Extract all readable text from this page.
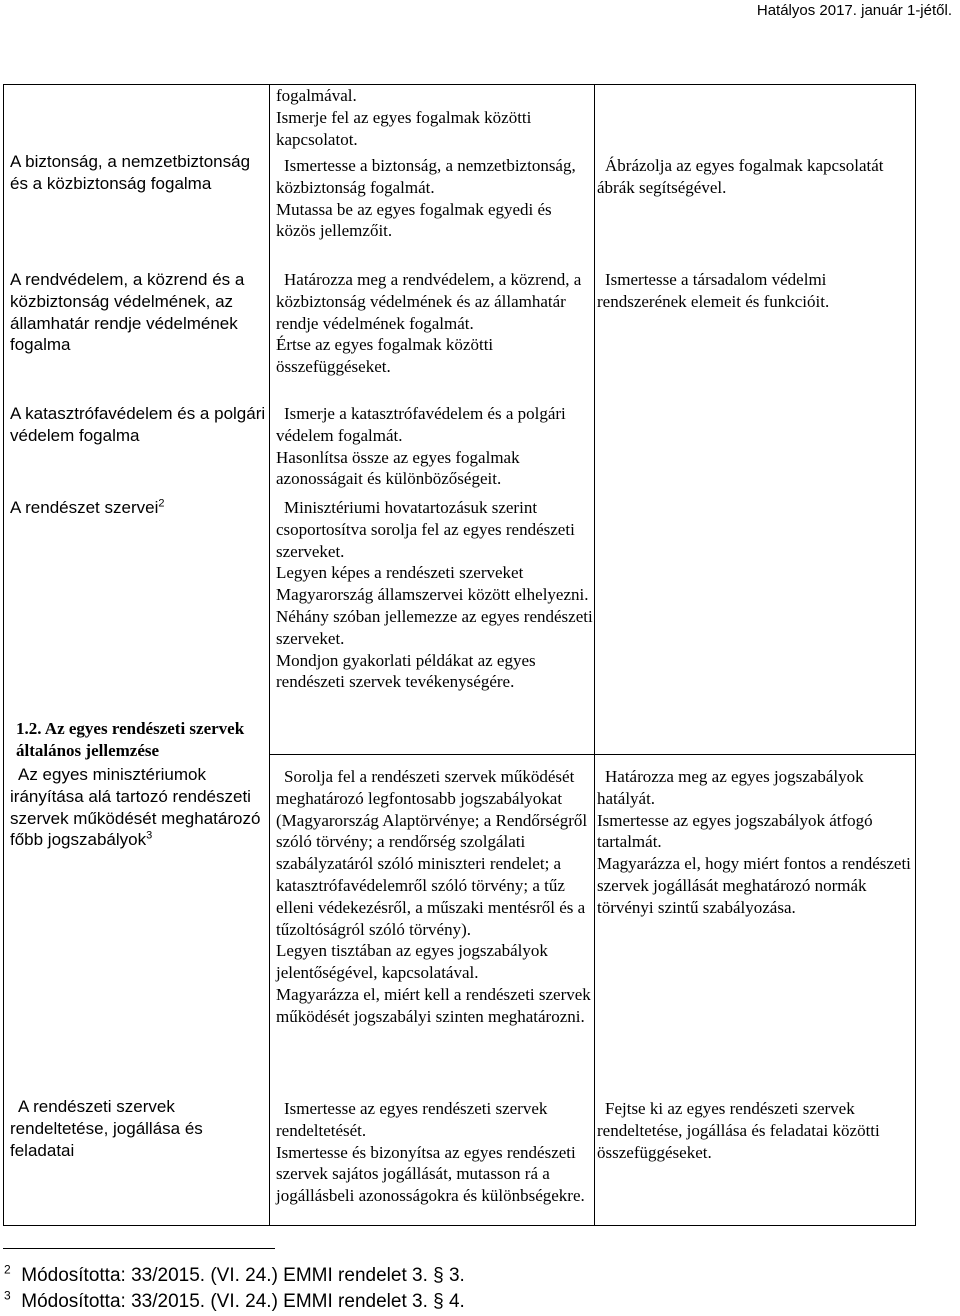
Hatályos 2017. január 1-jétől.
A biztonság, a nemzetbiztonság és a közbiztonság fogalma
A rendvédelem, a közrend és a közbiztonság védelmének, az államhatár rendje védelmének fogalma
A katasztrófavédelem és a polgári védelem fogalma
A rendészet szervei$^2$
1.2. Az egyes rendészeti szervek általános jellemzése
Az egyes minisztériumok irányítása alá tartozó rendészeti szervek működését meghatározó főbb jogszabályok$^3$
A rendészeti szervek rendeltetése, jogállása és feladatai

fogalmával.

Ismerje fel az egyes fogalmak közötti kapcsolatot.

Ismertesse a biztonság, a nemzetbiztonság, közbiztonság fogalmát.

Mutassa be az egyes fogalmak egyedi és közös jellemzőit.

Határozza meg a rendvédelem, a közrend, a közbiztonság védelmének és az államhatár rendje védelmének fogalmát.

Értse az egyes fogalmak közötti összefüggéseket.

Ismerje a katasztrófavédelem és a polgári védelem fogalmát.

Hasonlítsa össze az egyes fogalmak azonosságait és különbözőségeit.

Minisztériumi hovatartozásuk szerint csoportosítva sorolja fel az egyes rendészeti szerveket.

Legyen képes a rendészeti szerveket Magyarország államszervei között elhelyezni.

Néhány szóban jellemezze az egyes rendészeti szerveket.

Mondjon gyakorlati példákat az egyes rendészeti szervek tevékenységére.

Sorolja fel a rendészeti szervek működését meghatározó legfontosabb jogszabályokat (Magyarország Alaptörvénye; a Rendőrségről szóló törvény; a rendőrség szolgálati szabályzatáról szóló miniszteri rendelet; a katasztrófavédelemről szóló törvény; a tűz elleni védekezésről, a műszaki mentésről és a tűzoltóságról szóló törvény).

Legyen tisztában az egyes jogszabályok jelentőségével, kapcsolatával.

Magyarázza el, miért kell a rendészeti szervek működését jogszabályi szinten meghatározni.

Ismertesse az egyes rendészeti szervek rendeltetését.

Ismertesse és bizonyítsa az egyes rendészeti szervek sajátos jogállását, mutasson rá a jogállásbeli azonosságokra és különbségekre.

Ábrázolja az egyes fogalmak kapcsolatát ábrák segítségével.

Ismertesse a társadalom védelmi rendszerének elemeit és funkcióit.

Határozza meg az egyes jogszabályok hatályát.

Ismertesse az egyes jogszabályok átfogó tartalmát.

Magyarázza el, hogy miért fontos a rendészeti szervek jogállását meghatározó normák törvényi szintű szabályozása.

Fejtse ki az egyes rendészeti szervek rendeltetése, jogállása és feladatai közötti összefüggéseket.

$^2$ Módosította: 33/2015. (VI. 24.) EMMI rendelet 3. § 3.
$^3$ Módosította: 33/2015. (VI. 24.) EMMI rendelet 3. § 4.
